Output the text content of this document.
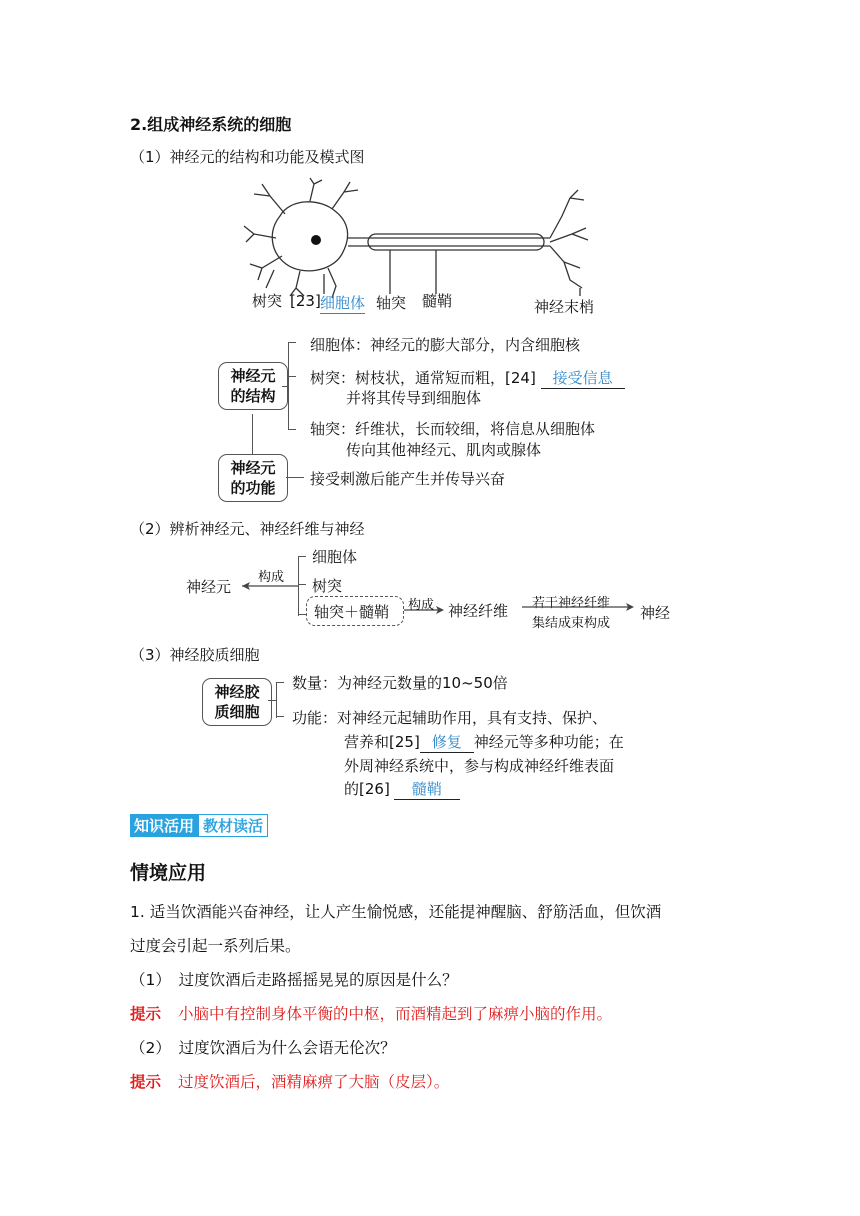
2.组成神经系统的细胞
（1）神经元的结构和功能及模式图
树突 [23] 细胞体 轴突 髓鞘	神经末梢
神经元
的结构
神经元
的功能
细胞体：神经元的膨大部分，内含细胞核
树突：树枝状，通常短而粗，[24] 接受信息
并将其传导到细胞体
轴突：纤维状，长而较细，将信息从细胞体
传向其他神经元、肌肉或腺体
接受刺激后能产生并传导兴奋
（2）辨析神经元、神经纤维与神经
神经元
构成
细胞体
树突
轴突＋髓鞘 构成 神经纤维 若干神经纤维
集结成束构成
神经
（3）神经胶质细胞
神经胶
质细胞
数量：为神经元数量的10~50倍
功能：对神经元起辅助作用，具有支持、保护、
营养和[25] 修复 神经元等多种功能；在
外周神经系统中，参与构成神经纤维表面
的[26] 髓鞘
知识活用 教材读活
情境应用
1. 适当饮酒能兴奋神经，让人产生愉悦感，还能提神醒脑、舒筋活血，但饮酒
过度会引起一系列后果。
（1）　过度饮酒后走路摇摇晃晃的原因是什么？
提示 小脑中有控制身体平衡的中枢，而酒精起到了麻痹小脑的作用。
（2）　过度饮酒后为什么会语无伦次？
提示 过度饮酒后，酒精麻痹了大脑（皮层）。
